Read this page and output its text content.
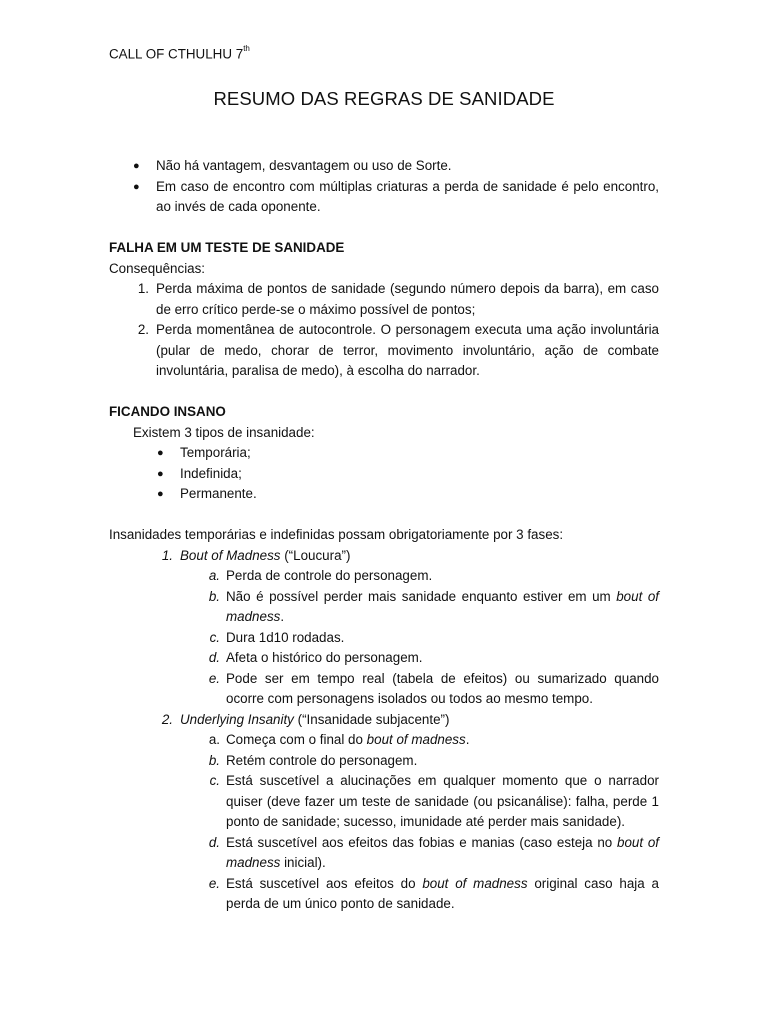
CALL OF CTHULHU 7th
RESUMO DAS REGRAS DE SANIDADE
● Não há vantagem, desvantagem ou uso de Sorte.
● Em caso de encontro com múltiplas criaturas a perda de sanidade é pelo encontro, ao invés de cada oponente.
FALHA EM UM TESTE DE SANIDADE
Consequências:
1. Perda máxima de pontos de sanidade (segundo número depois da barra), em caso de erro crítico perde-se o máximo possível de pontos;
2. Perda momentânea de autocontrole. O personagem executa uma ação involuntária (pular de medo, chorar de terror, movimento involuntário, ação de combate involuntária, paralisa de medo), à escolha do narrador.
FICANDO INSANO
Existem 3 tipos de insanidade:
● Temporária;
● Indefinida;
● Permanente.
Insanidades temporárias e indefinidas possam obrigatoriamente por 3 fases:
1. Bout of Madness (“Loucura”)
a. Perda de controle do personagem.
b. Não é possível perder mais sanidade enquanto estiver em um bout of madness.
c. Dura 1d10 rodadas.
d. Afeta o histórico do personagem.
e. Pode ser em tempo real (tabela de efeitos) ou sumarizado quando ocorre com personagens isolados ou todos ao mesmo tempo.
2. Underlying Insanity (“Insanidade subjacente”)
a. Começa com o final do bout of madness.
b. Retém controle do personagem.
c. Está suscetível a alucinações em qualquer momento que o narrador quiser (deve fazer um teste de sanidade (ou psicanálise): falha, perde 1 ponto de sanidade; sucesso, imunidade até perder mais sanidade).
d. Está suscetível aos efeitos das fobias e manias (caso esteja no bout of madness inicial).
e. Está suscetível aos efeitos do bout of madness original caso haja a perda de um único ponto de sanidade.
